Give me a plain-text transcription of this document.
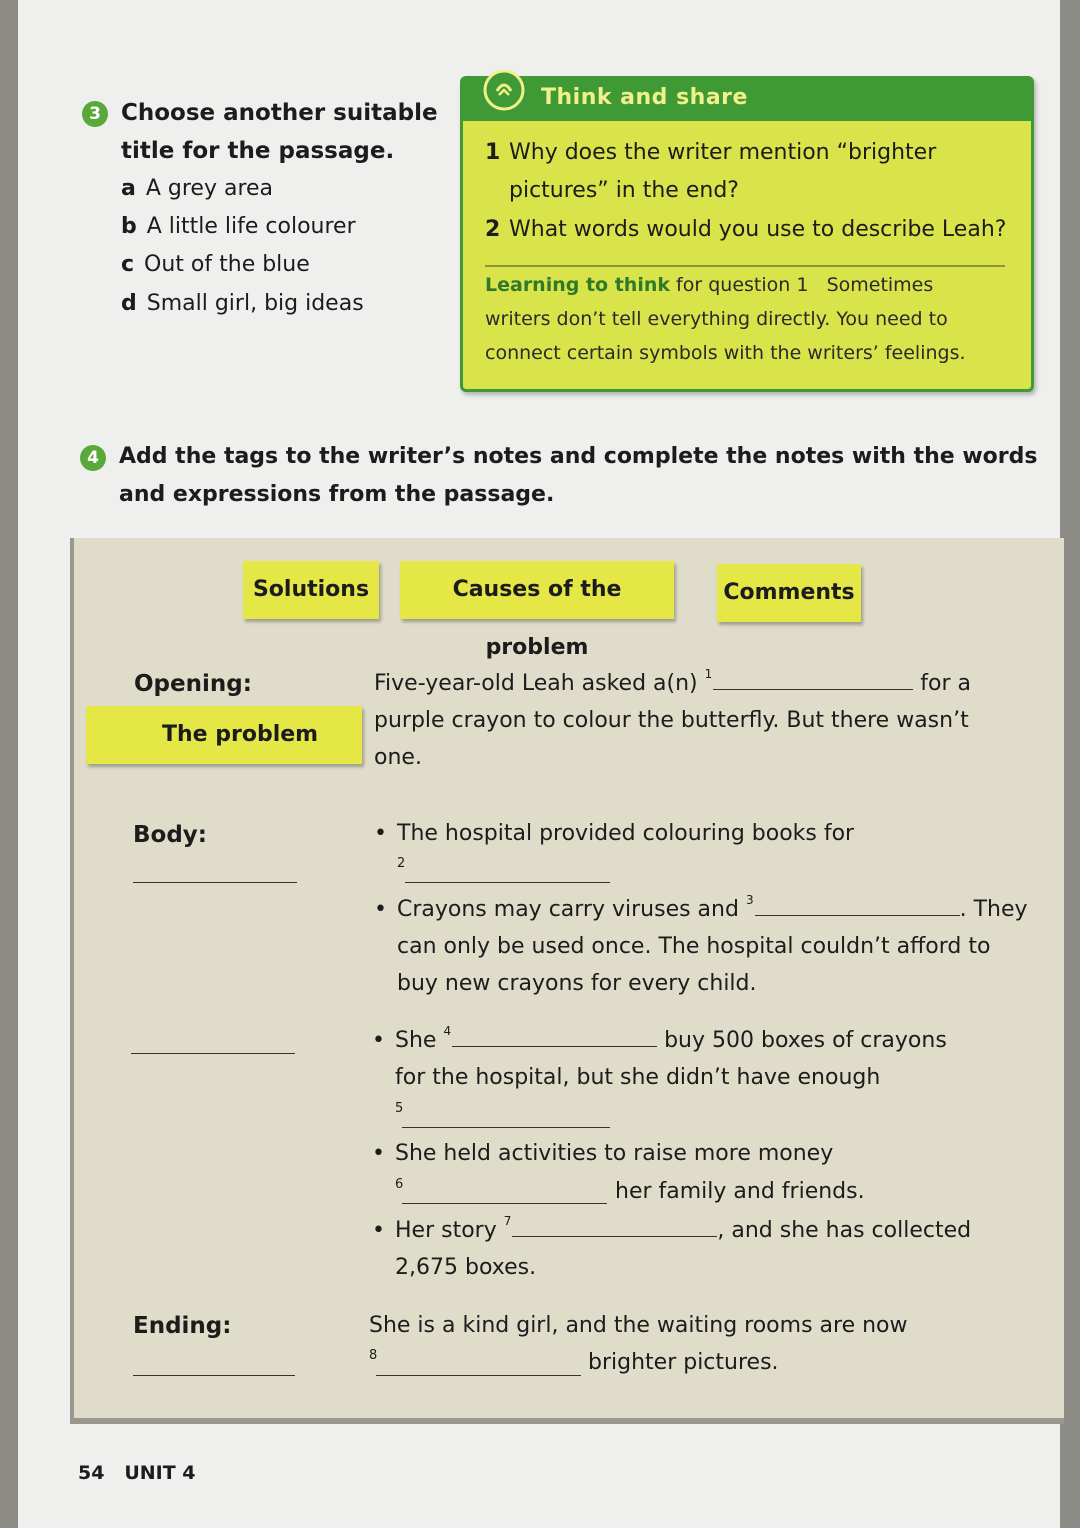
3 Choose another suitable
title for the passage.
a A grey area
b A little life colourer
c Out of the blue
d Small girl, big ideas
Think and share
1 Why does the writer mention “brighter
pictures” in the end?
2 What words would you use to describe Leah?
Learning to think for question 1 Sometimes
writers don’t tell everything directly. You need to
connect certain symbols with the writers’ feelings.
4 Add the tags to the writer’s notes and complete the notes with the words
and expressions from the passage.
Solutions	Causes of the problem
Comments
The problem
Opening:	Five-year-old Leah asked a(n) $^1$	for a
purple crayon to colour the butterfly. But there wasn’t
one.
Body:	• The hospital provided colouring books for
2
• Crayons may carry viruses and $^3$	. They
can only be used once. The hospital couldn’t afford to
buy new crayons for every child.
• She $^4$	buy 500 boxes of crayons
for the hospital, but she didn’t have enough
5
• She held activities to raise more money
6	her family and friends.
• Her story $^7$	, and she has collected
2,675 boxes.
Ending:	She is a kind girl, and the waiting rooms are now
8	brighter pictures.
54 UNIT 4
